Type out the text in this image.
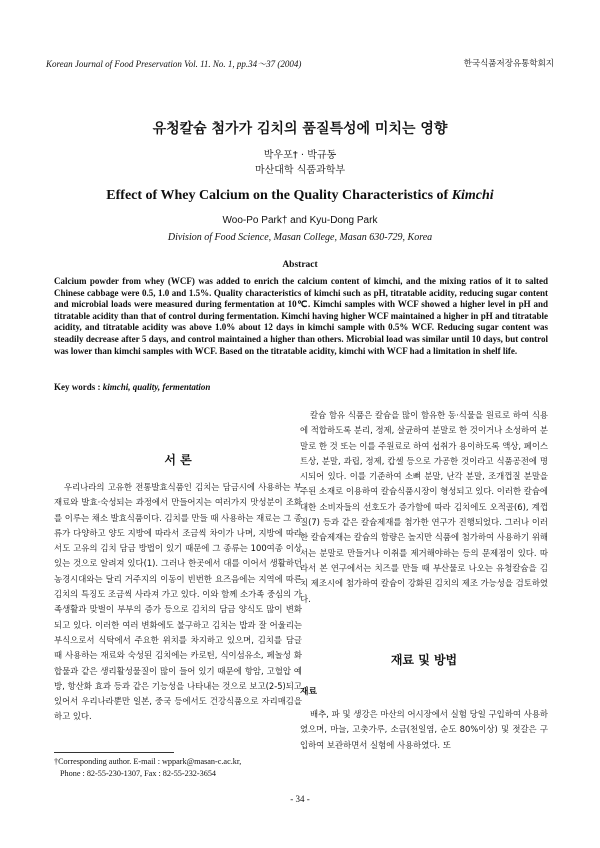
Korean Journal of Food Preservation Vol. 11. No. 1, pp.34～37 (2004)	한국식품저장유통학회지
유청칼슘 첨가가 김치의 품질특성에 미치는 영향
박우포† · 박규동
마산대학 식품과학부
Effect of Whey Calcium on the Quality Characteristics of Kimchi
Woo-Po Park† and Kyu-Dong Park
Division of Food Science, Masan College, Masan 630-729, Korea
Abstract
Calcium powder from whey (WCF) was added to enrich the calcium content of kimchi, and the mixing ratios of it to salted Chinese cabbage were 0.5, 1.0 and 1.5%. Quality characteristics of kimchi such as pH, titratable acidity, reducing sugar content and microbial loads were measured during fermentation at 10℃. Kimchi samples with WCF showed a higher level in pH and titratable acidity than that of control during fermentation. Kimchi having higher WCF maintained a higher in pH and titratable acidity, and titratable acidity was above 1.0% about 12 days in kimchi sample with 0.5% WCF. Reducing sugar content was steadily decrease after 5 days, and control maintained a higher than others. Microbial load was similar until 10 days, but control was lower than kimchi samples with WCF. Based on the titratable acidity, kimchi with WCF had a limitation in shelf life.
Key words : kimchi, quality, fermentation
서 론

우리나라의 고유한 전통발효식품인 김치는 담금시에 사용하는 부재료와 발효·숙성되는 과정에서 만들어지는 여러가지 맛성분이 조화를 이루는 채소 발효식품이다. 김치를 만들 때 사용하는 재료는 그 종류가 다양하고 양도 지방에 따라서 조금씩 차이가 나며, 지방에 따라서도 고유의 김치 담금 방법이 있기 때문에 그 종류는 100여종 이상 있는 것으로 알려져 있다(1). 그러나 한곳에서 대를 이어서 생활하던 농경시대와는 달리 거주지의 이동이 빈번한 요즈음에는 지역에 따른 김치의 특징도 조금씩 사라져 가고 있다. 이와 함께 소가족 중심의 가족생활과 맞벌이 부부의 증가 등으로 김치의 담금 양식도 많이 변화되고 있다. 이러한 여러 변화에도 불구하고 김치는 밥과 잘 어울리는 부식으로서 식탁에서 주요한 위치를 차지하고 있으며, 김치를 담글 때 사용하는 재료와 숙성된 김치에는 카로틴, 식이섬유소, 페놀성 화합물과 같은 생리활성물질이 많이 들어 있기 때문에 항암, 고혈압 예방, 항산화 효과 등과 같은 기능성을 나타내는 것으로 보고(2-5)되고 있어서 우리나라뿐만 일본, 중국 등에서도 건강식품으로 자리매김을 하고 있다.

칼슘 함유 식품은 칼슘을 많이 함유한 동·식물을 원료로 하여 식용에 적합하도록 분리, 정제, 살균하여 분말로 한 것이거나 소성하여 분말로 한 것 또는 이를 주원료로 하여 섭취가 용이하도록 액상, 페이스트상, 분말, 과립, 정제, 캅셀 등으로 가공한 것이라고 식품공전에 명시되어 있다. 이를 기준하여 소뼈 분말, 난각 분말, 조개껍질 분말을 주된 소재로 이용하여 칼슘식품시장이 형성되고 있다. 이러한 칼슘에 대한 소비자들의 선호도가 증가함에 따라 김치에도 오적골(6), 계껍질(7) 등과 같은 칼슘제재를 첨가한 연구가 진행되었다. 그러나 이러한 칼슘제재는 칼슘의 함량은 높지만 식품에 첨가하여 사용하기 위해서는 분말로 만들거나 이취를 제거해야하는 등의 문제점이 있다. 따라서 본 연구에서는 치즈를 만들 때 부산물로 나오는 유청칼슘을 김치 제조시에 첨가하여 칼슘이 강화된 김치의 제조 가능성을 검토하였다.

재료 및 방법
재료

배추, 파 및 생강은 마산의 어시장에서 실험 당일 구입하여 사용하였으며, 마늘, 고춧가루, 소금(천일염, 순도 80%이상) 및 젓갈은 구입하여 보관하면서 실험에 사용하였다. 또

†Corresponding author. E-mail : wppark@masan-c.ac.kr,
Phone : 82-55-230-1307, Fax : 82-55-232-3654
- 34 -
